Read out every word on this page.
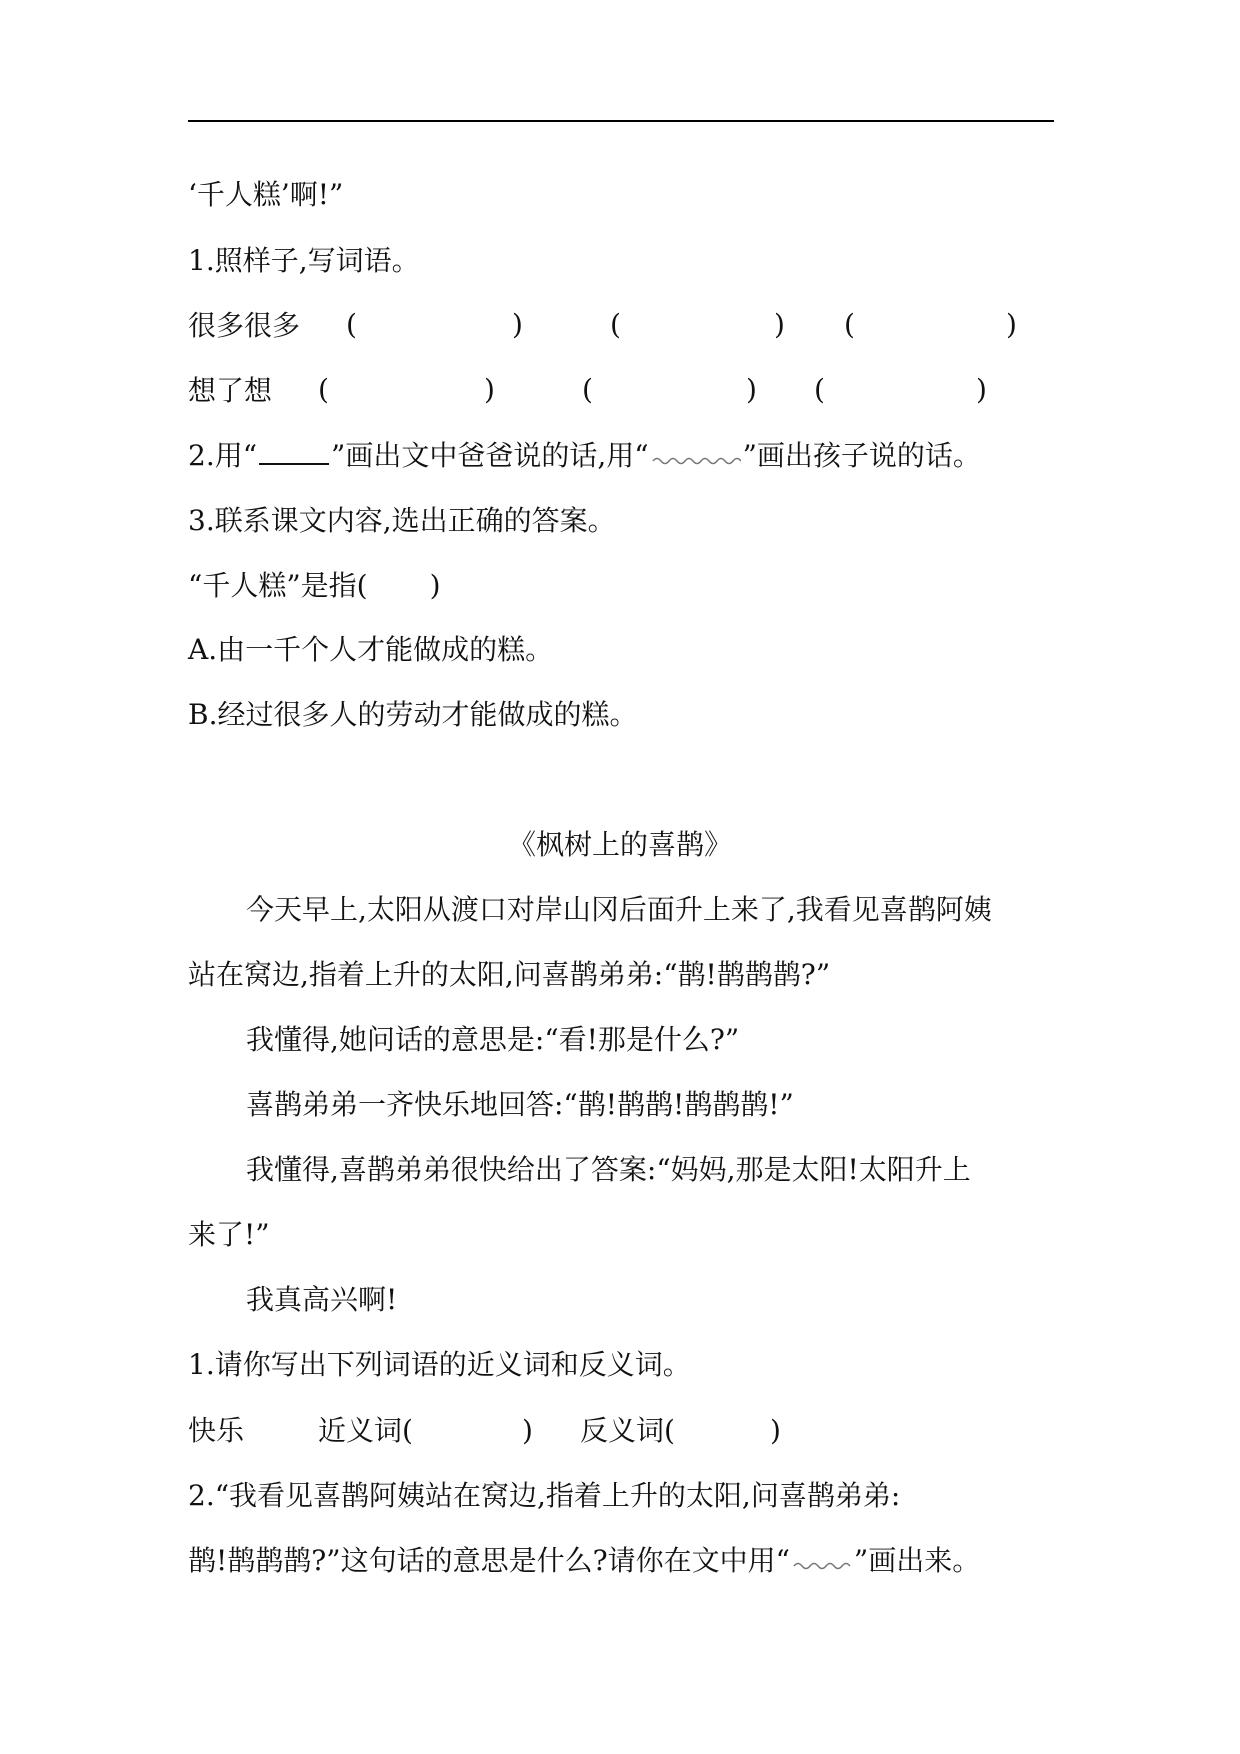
‘千人糕’啊!”
1.照样子,写词语。
很多很多 (	)	(	) (	)
想了想 (	)	(	) (	)
2.用“	”画出文中爸爸说的话,用“	”画出孩子说的话。
3.联系课文内容,选出正确的答案。
“千人糕”是指( )
A.由一千个人才能做成的糕。
B.经过很多人的劳动才能做成的糕。
《枫树上的喜鹊》
今天早上,太阳从渡口对岸山冈后面升上来了,我看见喜鹊阿姨
站在窝边,指着上升的太阳,问喜鹊弟弟:“鹊!鹊鹊鹊?”
我懂得,她问话的意思是:“看!那是什么?”
喜鹊弟弟一齐快乐地回答:“鹊!鹊鹊!鹊鹊鹊!”
我懂得,喜鹊弟弟很快给出了答案:“妈妈,那是太阳!太阳升上
来了!”
我真高兴啊!
1.请你写出下列词语的近义词和反义词。
快乐	近义词(	) 反义词(	)
2.“我看见喜鹊阿姨站在窝边,指着上升的太阳,问喜鹊弟弟:
鹊!鹊鹊鹊?”这句话的意思是什么?请你在文中用“ ”画出来。
